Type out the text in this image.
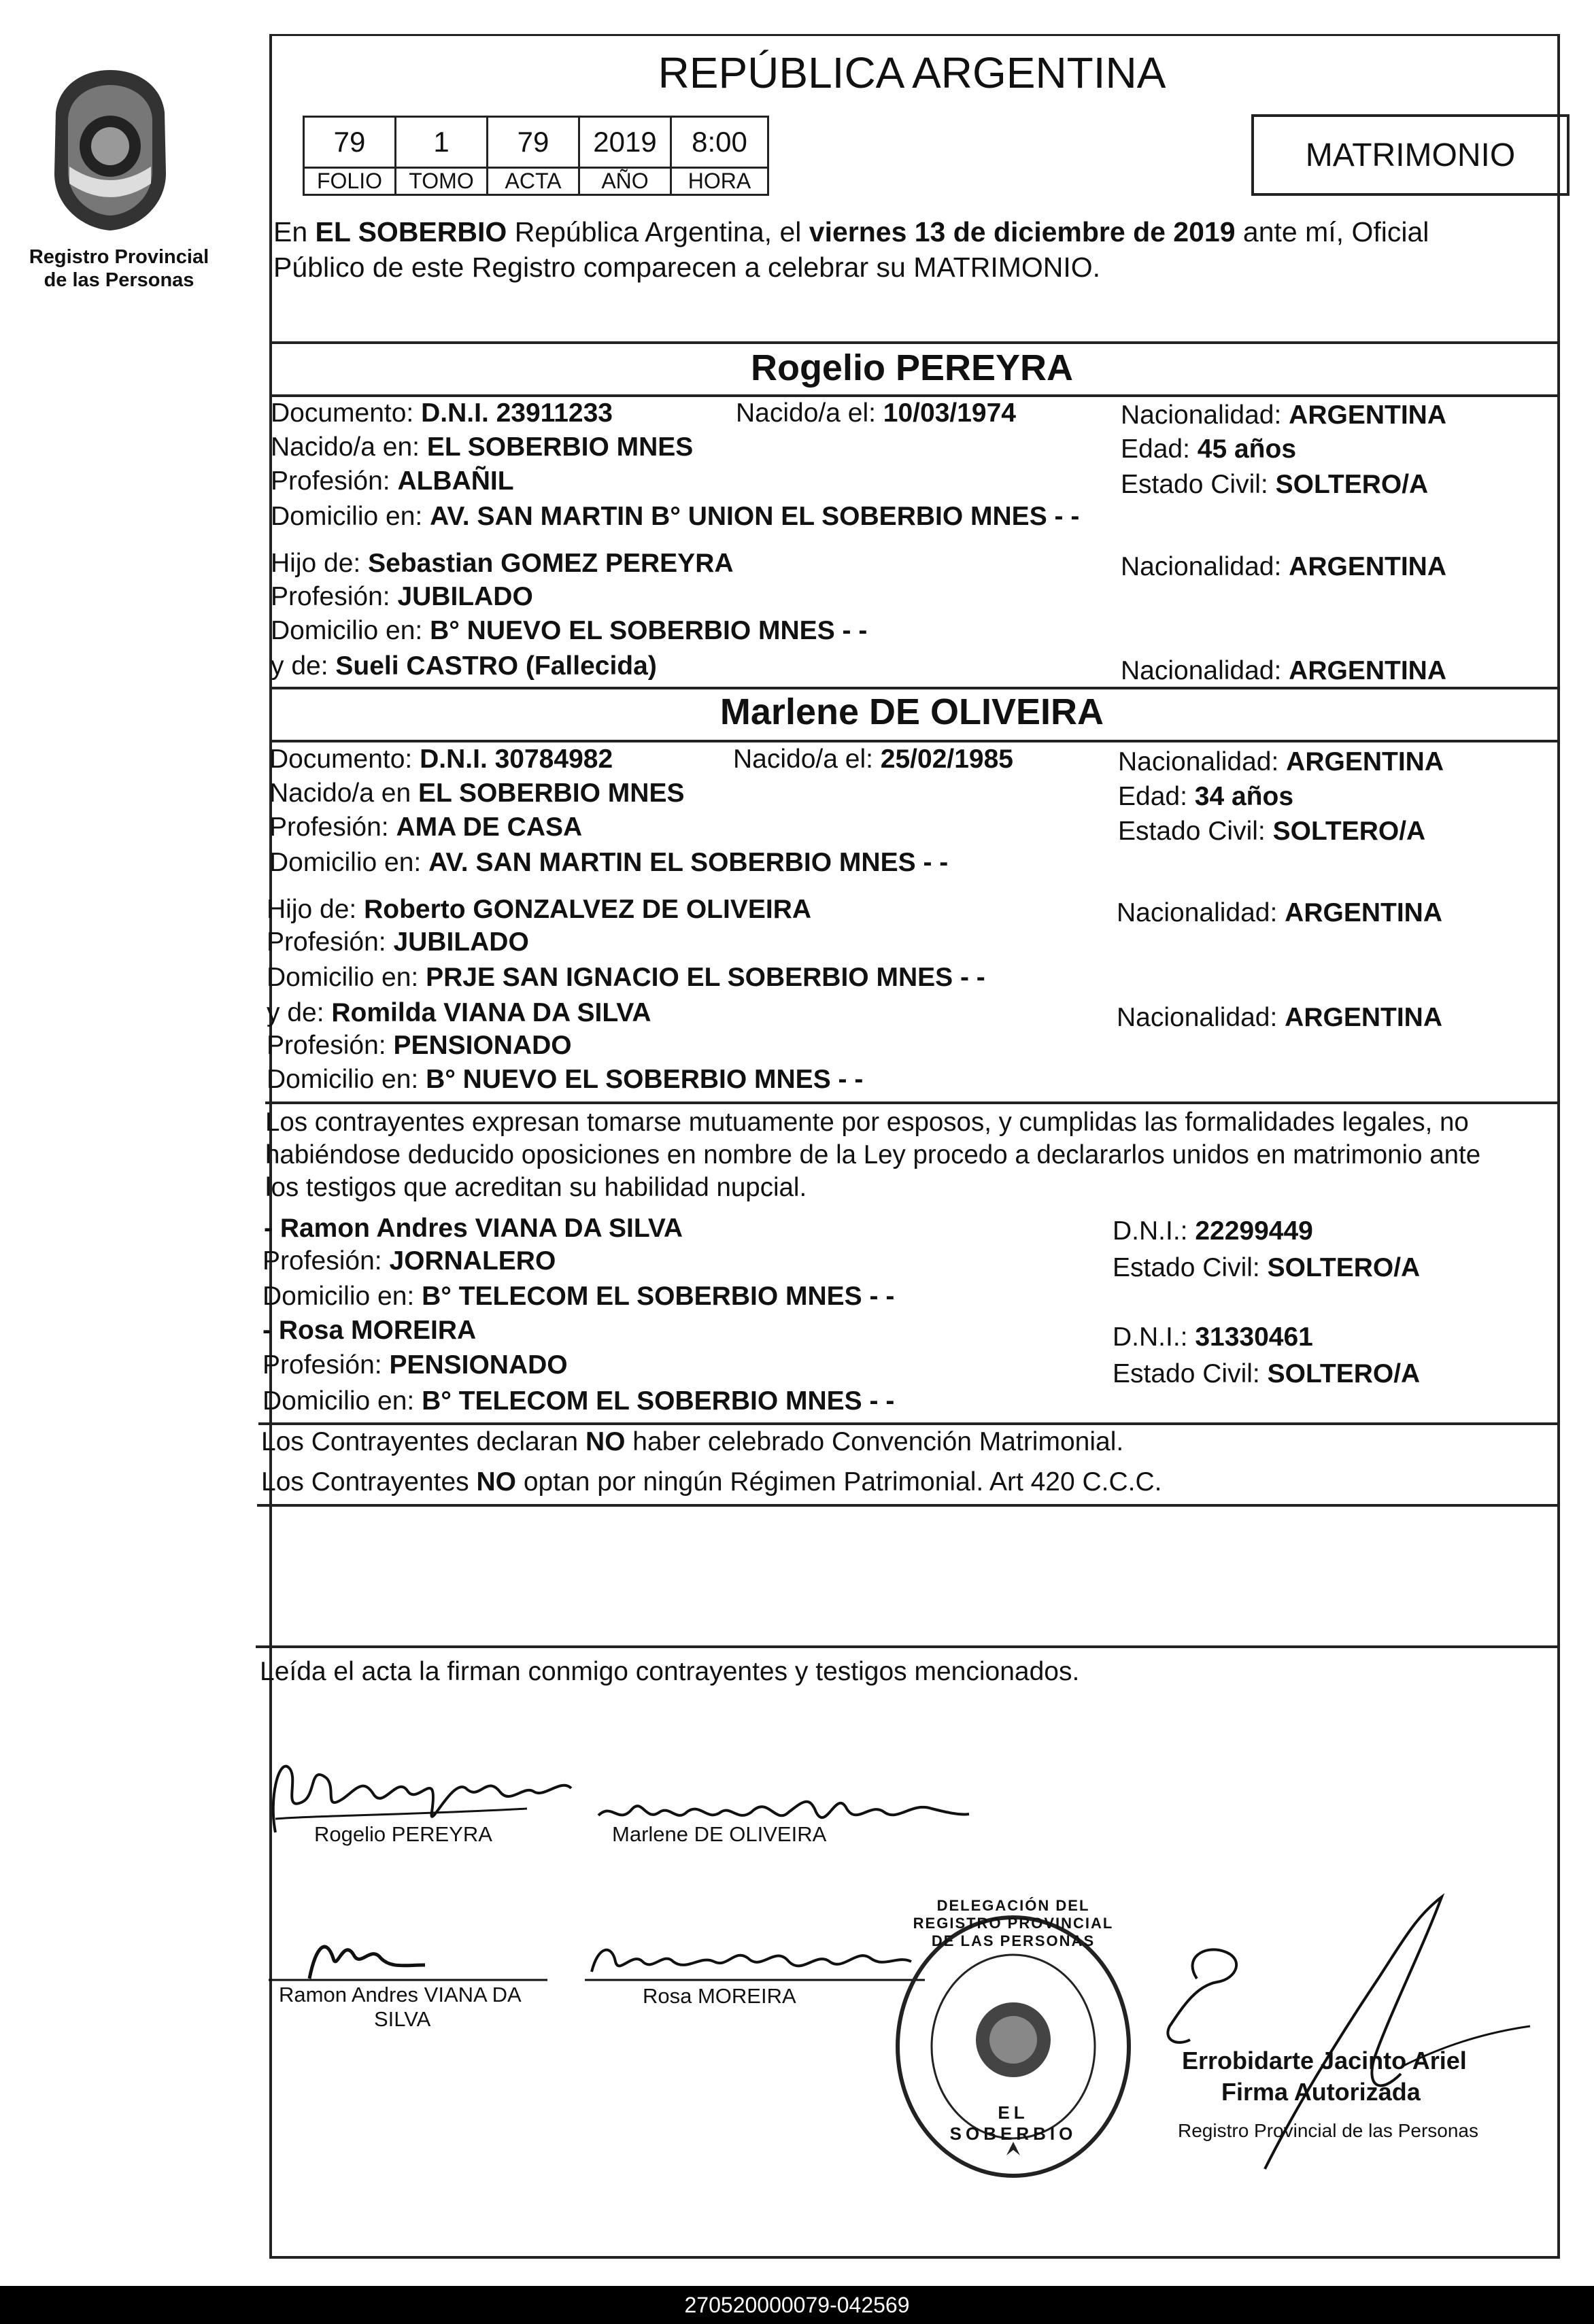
Registro Provincial
de las Personas
REPÚBLICA ARGENTINA
79	1	79	2019	8:00
FOLIO	TOMO	ACTA	AÑO	HORA
MATRIMONIO
En EL SOBERBIO República Argentina, el viernes 13 de diciembre de 2019 ante mí, Oficial
Público de este Registro comparecen a celebrar su MATRIMONIO.
Rogelio PEREYRA
Documento: D.N.I. 23911233	Nacido/a el: 10/03/1974	Nacionalidad: ARGENTINA
Nacido/a en: EL SOBERBIO MNES	Edad: 45 años
Profesión: ALBAÑIL	Estado Civil: SOLTERO/A
Domicilio en: AV. SAN MARTIN B° UNION EL SOBERBIO MNES - -
Hijo de: Sebastian GOMEZ PEREYRA	Nacionalidad: ARGENTINA
Profesión: JUBILADO
Domicilio en: B° NUEVO EL SOBERBIO MNES - -
y de: Sueli CASTRO (Fallecida)	Nacionalidad: ARGENTINA
Marlene DE OLIVEIRA
Documento: D.N.I. 30784982	Nacido/a el: 25/02/1985	Nacionalidad: ARGENTINA
Nacido/a en EL SOBERBIO MNES	Edad: 34 años
Profesión: AMA DE CASA	Estado Civil: SOLTERO/A
Domicilio en: AV. SAN MARTIN EL SOBERBIO MNES - -
Hijo de: Roberto GONZALVEZ DE OLIVEIRA	Nacionalidad: ARGENTINA
Profesión: JUBILADO
Domicilio en: PRJE SAN IGNACIO EL SOBERBIO MNES - -
y de: Romilda VIANA DA SILVA	Nacionalidad: ARGENTINA
Profesión: PENSIONADO
Domicilio en: B° NUEVO EL SOBERBIO MNES - -
Los contrayentes expresan tomarse mutuamente por esposos, y cumplidas las formalidades legales, no
habiéndose deducido oposiciones en nombre de la Ley procedo a declararlos unidos en matrimonio ante
los testigos que acreditan su habilidad nupcial.
- Ramon Andres VIANA DA SILVA	D.N.I.: 22299449
Profesión: JORNALERO	Estado Civil: SOLTERO/A
Domicilio en: B° TELECOM EL SOBERBIO MNES - -
- Rosa MOREIRA	D.N.I.: 31330461
Profesión: PENSIONADO	Estado Civil: SOLTERO/A
Domicilio en: B° TELECOM EL SOBERBIO MNES - -
Los Contrayentes declaran NO haber celebrado Convención Matrimonial.
Los Contrayentes NO optan por ningún Régimen Patrimonial. Art 420 C.C.C.
Leída el acta la firman conmigo contrayentes y testigos mencionados.
Rogelio PEREYRA	Marlene DE OLIVEIRA
Ramon Andres VIANA DA
SILVA
Rosa MOREIRA
DELEGACIÓN DEL REGISTRO PROVINCIAL DE LAS PERSONAS
EL SOBERBIO
Errobidarte Jacinto Ariel
Firma Autorizada
Registro Provincial de las Personas
270520000079-042569
